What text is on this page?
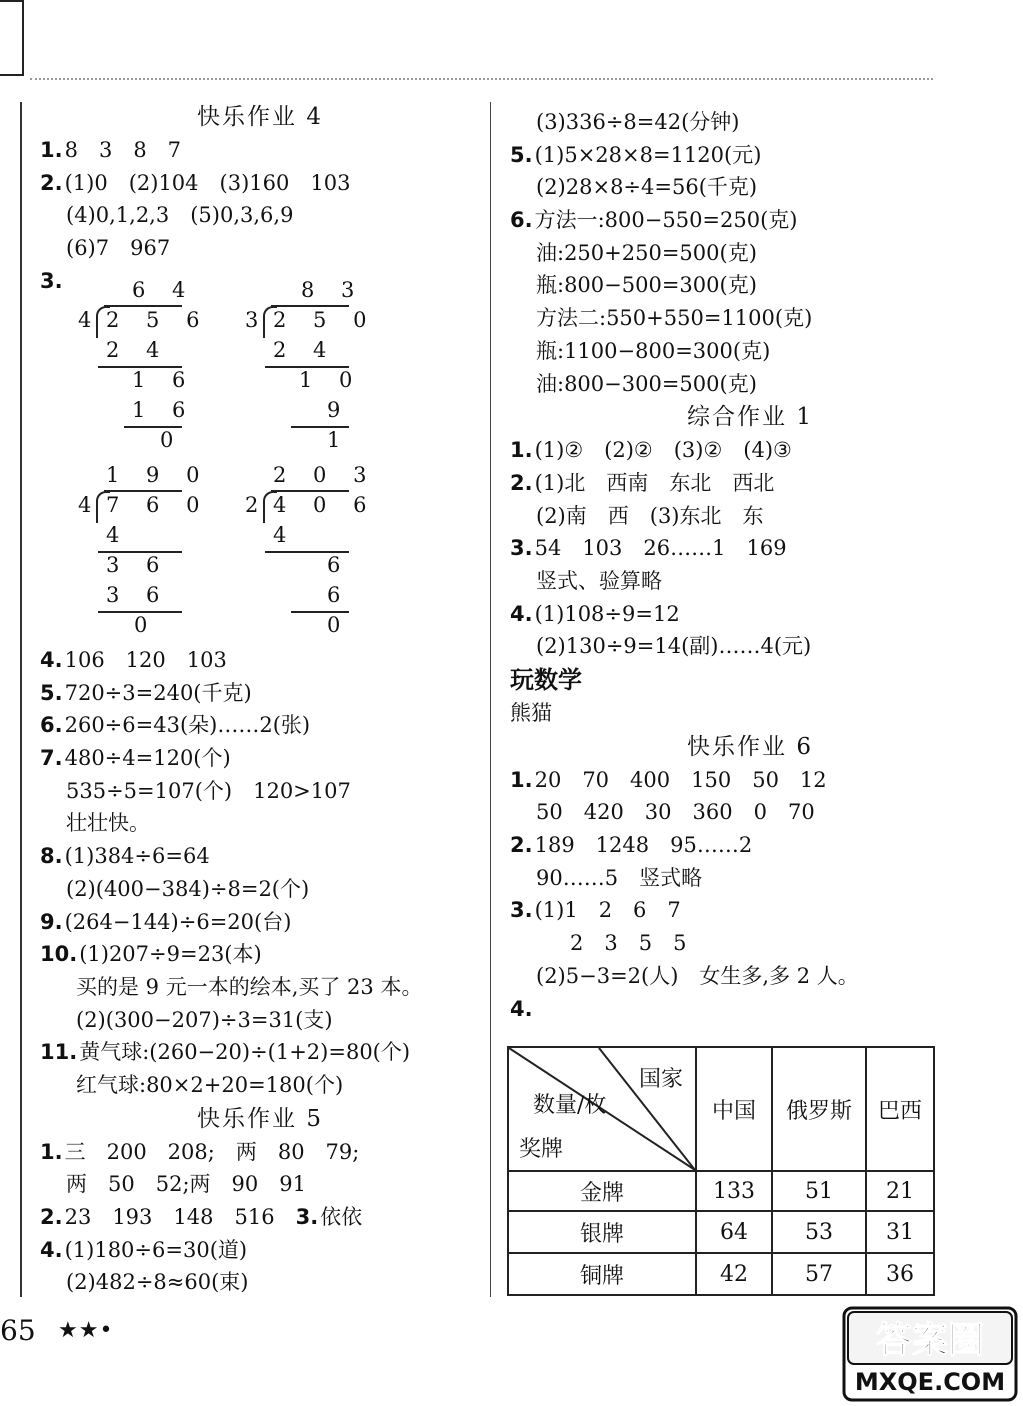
快乐作业 4
1.8　3　8　7
2.(1)0　(2)104　(3)160　103
(4)0,1,2,3　(5)0,3,6,9
(6)7　967
3.	6 4
4 2 5 6
2 4
1 6
1 6
0
8 3
3 2 5 0
2 4
1 0
9
1
1 9 0
4 7 6 0
4
3 6
3 6
0
2 0 3
2 4 0 6
4
6
6
0
4.106　120　103
5.720÷3=240(千克)
6.260÷6=43(朵)……2(张)
7.480÷4=120(个)
535÷5=107(个)　120>107
壮壮快。
8.(1)384÷6=64
(2)(400−384)÷8=2(个)
9.(264−144)÷6=20(台)
10.(1)207÷9=23(本)
买的是 9 元一本的绘本,买了 23 本。
(2)(300−207)÷3=31(支)
11.黄气球:(260−20)÷(1+2)=80(个)
红气球:80×2+20=180(个)
快乐作业 5
1.三　200　208;　两　80　79;
两　50　52;两　90　91
2.23　193　148　516　 3.依依
4.(1)180÷6=30(道)
(2)482÷8≈60(束)
(3)336÷8=42(分钟)
5.(1)5×28×8=1120(元)
(2)28×8÷4=56(千克)
6.方法一:800−550=250(克)
油:250+250=500(克)
瓶:800−500=300(克)
方法二:550+550=1100(克)
瓶:1100−800=300(克)
油:800−300=500(克)
综合作业 1
1.(1)②　(2)②　(3)②　(4)③
2.(1)北　西南　东北　西北
(2)南　西　(3)东北　东
3.54　103　26……1　169
竖式、验算略
4.(1)108÷9=12
(2)130÷9=14(副)……4(元)
玩数学
熊猫
快乐作业 6
1.20　70　400　150　50　12
50　420　30　360　0　70
2.189　1248　95……2
90……5　竖式略
3.(1)1　2　6　7
2　3　5　5
(2)5−3=2(人)　女生多,多 2 人。
4.
国家
数量/枚
奖牌	中国	俄罗斯	巴西
金牌	133	51	21
银牌	64	53	31
铜牌	42	57	36
65 ★★•	答案圈
MXQE.COM
